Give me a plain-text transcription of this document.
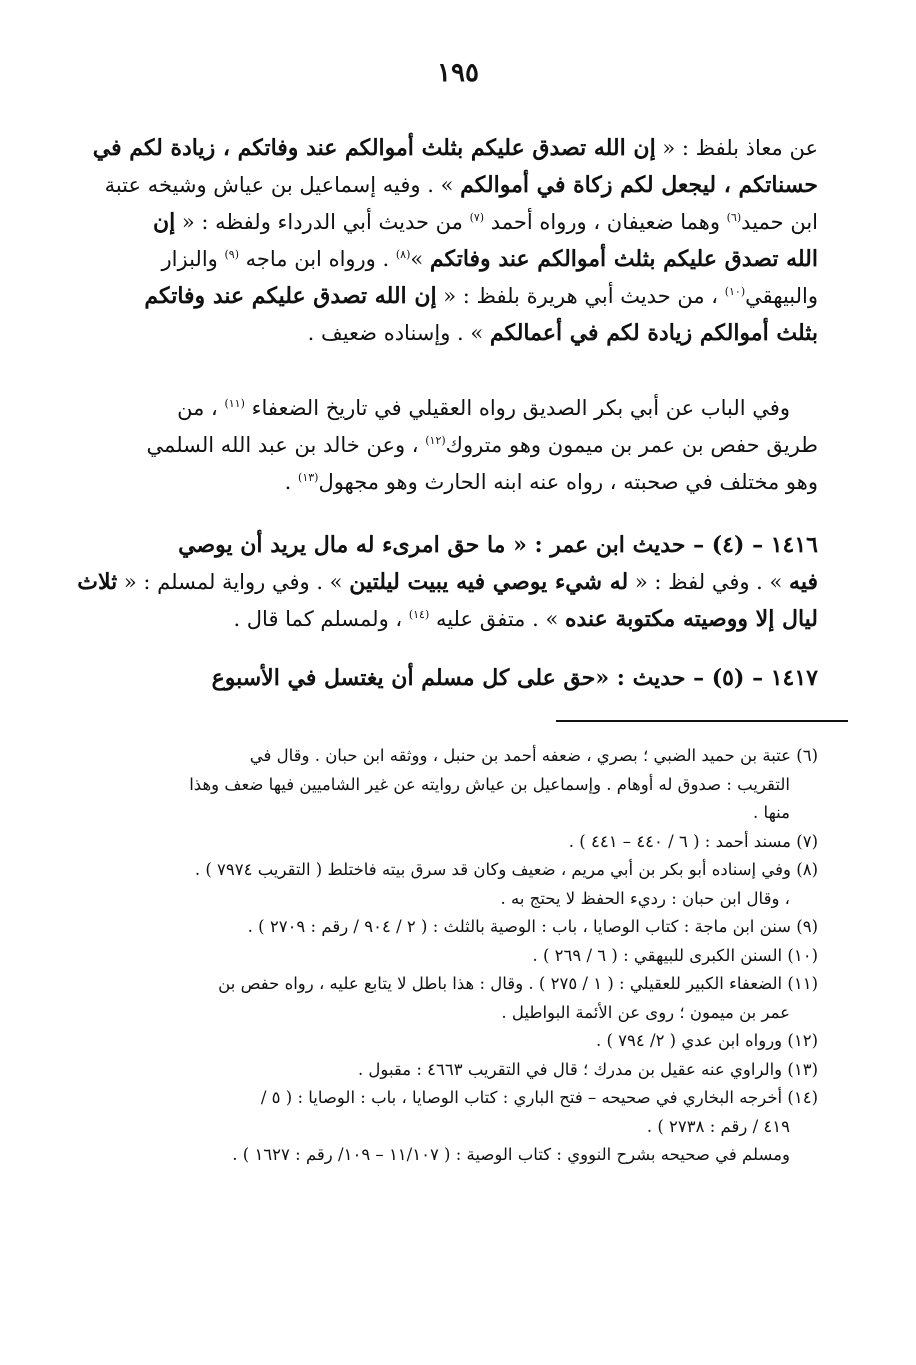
١٩٥
عن معاذ بلفظ : « إن الله تصدق عليكم بثلث أموالكم عند وفاتكم ، زيادة لكم في
حسناتكم ، ليجعل لكم زكاة في أموالكم » . وفيه إسماعيل بن عياش وشيخه عتبة
ابن حميد$^{(٦)}$ وهما ضعيفان ، ورواه أحمد $^{(٧)}$ من حديث أبي الدرداء ولفظه : « إن
الله تصدق عليكم بثلث أموالكم عند وفاتكم »$^{(٨)}$ . ورواه ابن ماجه $^{(٩)}$ والبزار
والبيهقي$^{(١٠)}$ ، من حديث أبي هريرة بلفظ : « إن الله تصدق عليكم عند وفاتكم
بثلث أموالكم زيادة لكم في أعمالكم » . وإسناده ضعيف .
وفي الباب عن أبي بكر الصديق رواه العقيلي في تاريخ الضعفاء $^{(١١)}$ ، من
طريق حفص بن عمر بن ميمون وهو متروك$^{(١٢)}$ ، وعن خالد بن عبد الله السلمي
وهو مختلف في صحبته ، رواه عنه ابنه الحارث وهو مجهول$^{(١٣)}$ .
١٤١٦ – (٤) – حديث ابن عمر : « ما حق امرىء له مال يريد أن يوصي
فيه » . وفي لفظ : « له شيء يوصي فيه يبيت ليلتين » . وفي رواية لمسلم : « ثلاث
ليال إلا ووصيته مكتوبة عنده » . متفق عليه $^{(١٤)}$ ، ولمسلم كما قال .
١٤١٧ – (٥) – حديث : «حق على كل مسلم أن يغتسل في الأسبوع
(٦) عتبة بن حميد الضبي ؛ بصري ، ضعفه أحمد بن حنبل ، ووثقه ابن حبان . وقال في
التقريب : صدوق له أوهام . وإسماعيل بن عياش روايته عن غير الشاميين فيها ضعف وهذا
منها .
(٧) مسند أحمد : ( ٦ / ٤٤٠ – ٤٤١ ) .
(٨) وفي إسناده أبو بكر بن أبي مريم ، ضعيف وكان قد سرق بيته فاختلط ( التقريب ٧٩٧٤ ) .
، وقال ابن حبان : رديء الحفظ لا يحتج به .
(٩) سنن ابن ماجة : كتاب الوصايا ، باب : الوصية بالثلث : ( ٢ / ٩٠٤ / رقم : ٢٧٠٩ ) .
(١٠) السنن الكبرى للبيهقي : ( ٦ / ٢٦٩ ) .
(١١) الضعفاء الكبير للعقيلي : ( ١ / ٢٧٥ ) . وقال : هذا باطل لا يتابع عليه ، رواه حفص بن
عمر بن ميمون ؛ روى عن الأئمة البواطيل .
(١٢) ورواه ابن عدي ( ٢/ ٧٩٤ ) .
(١٣) والراوي عنه عقيل بن مدرك ؛ قال في التقريب ٤٦٦٣ : مقبول .
(١٤) أخرجه البخاري في صحيحه – فتح الباري : كتاب الوصايا ، باب : الوصايا : ( ٥ /
٤١٩ / رقم : ٢٧٣٨ ) .
ومسلم في صحيحه بشرح النووي : كتاب الوصية : ( ١١/١٠٧ – ١٠٩/ رقم : ١٦٢٧ ) .
